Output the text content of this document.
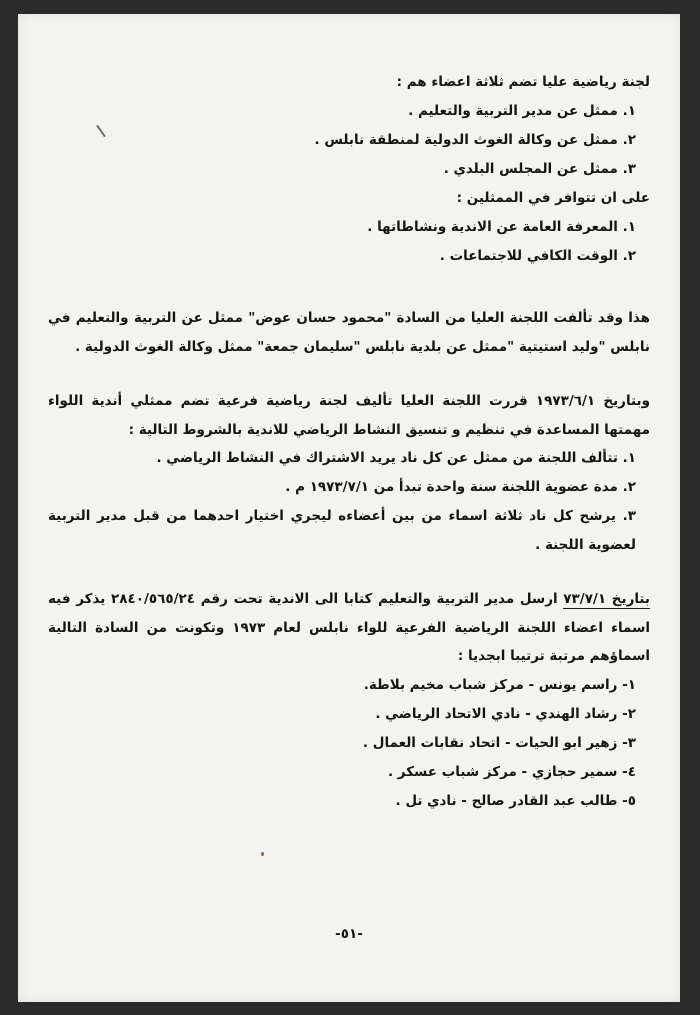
لجنة رياضية عليا تضم ثلاثة اعضاء هم :
١. ممثل عن مدير التربية والتعليم .
٢. ممثل عن وكالة الغوث الدولية لمنطقة نابلس .
٣. ممثل عن المجلس البلدي .
على ان تتوافر في الممثلين :
١. المعرفة العامة عن الاندية ونشاطاتها .
٢. الوقت الكافي للاجتماعات .
هذا وقد تألفت اللجنة العليا من السادة "محمود حسان عوض" ممثل عن التربية والتعليم في نابلس "وليد استيتية "ممثل عن بلدية نابلس "سليمان جمعة" ممثل وكالة الغوث الدولية .
وبتاريخ ١٩٧٣/٦/١ قررت اللجنة العليا تأليف لجنة رياضية فرعية تضم ممثلي أندية اللواء مهمتها المساعدة في تنظيم و تنسيق النشاط الرياضي للاندية بالشروط التالية :
١. تتألف اللجنة من ممثل عن كل ناد يريد الاشتراك في النشاط الرياضي .
٢. مدة عضوية اللجنة سنة واحدة تبدأ من ١٩٧٣/٧/١ م .
٣. يرشح كل ناد ثلاثة اسماء من بين أعضاءه ليجري اختيار احدهما من قبل مدير التربية لعضوية اللجنة .
بتاريخ ٧٣/٧/١ ارسل مدير التربية والتعليم كتابا الى الاندية تحت رقم ٢٨٤٠/٥٦٥/٢٤ يذكر فيه اسماء اعضاء اللجنة الرياضية الفرعية للواء نابلس لعام ١٩٧٣ وتكونت من السادة التالية اسماؤهم مرتبة ترتيبا ابجديا :
١- راسم يونس - مركز شباب مخيم بلاطة.
٢- رشاد الهندي - نادي الاتحاد الرياضي .
٣- زهير ابو الحيات - اتحاد نقابات العمال .
٤- سمير حجازي - مركز شباب عسكر .
٥- طالب عبد القادر صالح - نادي تل .
-٥١-
